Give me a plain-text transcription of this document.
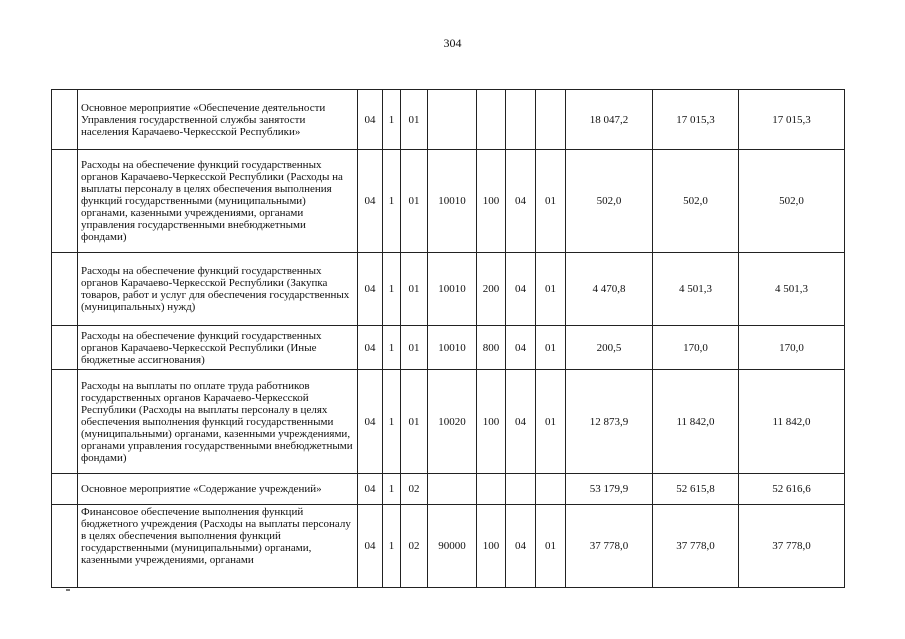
304
	Основное мероприятие «Обеспечение деятельности Управления государственной службы занятости населения Карачаево-Черкесской Республики»	04	1	01					18 047,2	17 015,3	17 015,3
	Расходы на обеспечение функций государственных органов Карачаево-Черкесской Республики (Расходы на выплаты персоналу в целях обеспечения выполнения функций государственными (муниципальными) органами, казенными учреждениями, органами управления государственными внебюджетными фондами)	04	1	01	10010	100	04	01	502,0	502,0	502,0
	Расходы на обеспечение функций государственных органов Карачаево-Черкесской Республики (Закупка товаров, работ и услуг для обеспечения государственных (муниципальных) нужд)	04	1	01	10010	200	04	01	4 470,8	4 501,3	4 501,3
	Расходы на обеспечение функций государственных органов Карачаево-Черкесской Республики (Иные бюджетные ассигнования)	04	1	01	10010	800	04	01	200,5	170,0	170,0
	Расходы на выплаты по оплате труда работников государственных органов Карачаево-Черкесской Республики (Расходы на выплаты персоналу в целях обеспечения выполнения функций государственными (муниципальными) органами, казенными учреждениями, органами управления государственными внебюджетными фондами)	04	1	01	10020	100	04	01	12 873,9	11 842,0	11 842,0
	Основное мероприятие «Содержание учреждений»	04	1	02					53 179,9	52 615,8	52 616,6
	Финансовое обеспечение выполнения функций бюджетного учреждения (Расходы на выплаты персоналу в целях обеспечения выполнения функций государственными (муниципальными) органами, казенными учреждениями, органами	04	1	02	90000	100	04	01	37 778,0	37 778,0	37 778,0
